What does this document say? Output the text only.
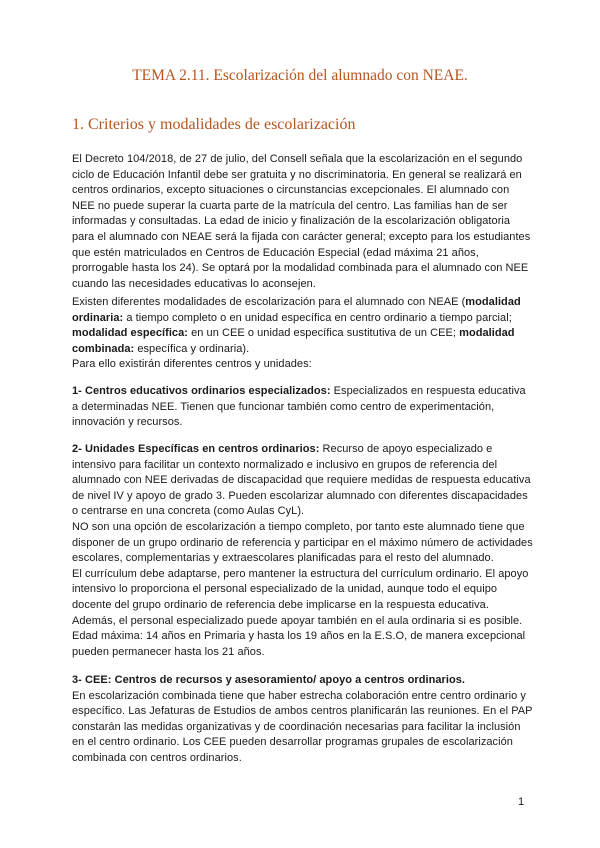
TEMA 2.11. Escolarización del alumnado con NEAE.
1. Criterios y modalidades de escolarización

El Decreto 104/2018, de 27 de julio, del Consell señala que la escolarización en el segundo ciclo de Educación Infantil debe ser gratuita y no discriminatoria. En general se realizará en centros ordinarios, excepto situaciones o circunstancias excepcionales. El alumnado con NEE no puede superar la cuarta parte de la matrícula del centro. Las familias han de ser informadas y consultadas. La edad de inicio y finalización de la escolarización obligatoria para el alumnado con NEAE será la fijada con carácter general; excepto para los estudiantes que estén matriculados en Centros de Educación Especial (edad máxima 21 años, prorrogable hasta los 24). Se optará por la modalidad combinada para el alumnado con NEE cuando las necesidades educativas lo aconsejen.

Existen diferentes modalidades de escolarización para el alumnado con NEAE (modalidad ordinaria: a tiempo completo o en unidad específica en centro ordinario a tiempo parcial; modalidad específica: en un CEE o unidad específica sustitutiva de un CEE; modalidad combinada: específica y ordinaria).

Para ello existirán diferentes centros y unidades:

1- Centros educativos ordinarios especializados: Especializados en respuesta educativa a determinadas NEE. Tienen que funcionar también como centro de experimentación, innovación y recursos.

2- Unidades Específicas en centros ordinarios: Recurso de apoyo especializado e intensivo para facilitar un contexto normalizado e inclusivo en grupos de referencia del alumnado con NEE derivadas de discapacidad que requiere medidas de respuesta educativa de nivel IV y apoyo de grado 3. Pueden escolarizar alumnado con diferentes discapacidades o centrarse en una concreta (como Aulas CyL).

NO son una opción de escolarización a tiempo completo, por tanto este alumnado tiene que disponer de un grupo ordinario de referencia y participar en el máximo número de actividades escolares, complementarias y extraescolares planificadas para el resto del alumnado.

El currículum debe adaptarse, pero mantener la estructura del currículum ordinario. El apoyo intensivo lo proporciona el personal especializado de la unidad, aunque todo el equipo docente del grupo ordinario de referencia debe implicarse en la respuesta educativa. Además, el personal especializado puede apoyar también en el aula ordinaria si es posible. Edad máxima: 14 años en Primaria y hasta los 19 años en la E.S.O, de manera excepcional pueden permanecer hasta los 21 años.

3- CEE: Centros de recursos y asesoramiento/ apoyo a centros ordinarios.

En escolarización combinada tiene que haber estrecha colaboración entre centro ordinario y específico. Las Jefaturas de Estudios de ambos centros planificarán las reuniones. En el PAP constarán las medidas organizativas y de coordinación necesarias para facilitar la inclusión en el centro ordinario. Los CEE pueden desarrollar programas grupales de escolarización combinada con centros ordinarios.

1
